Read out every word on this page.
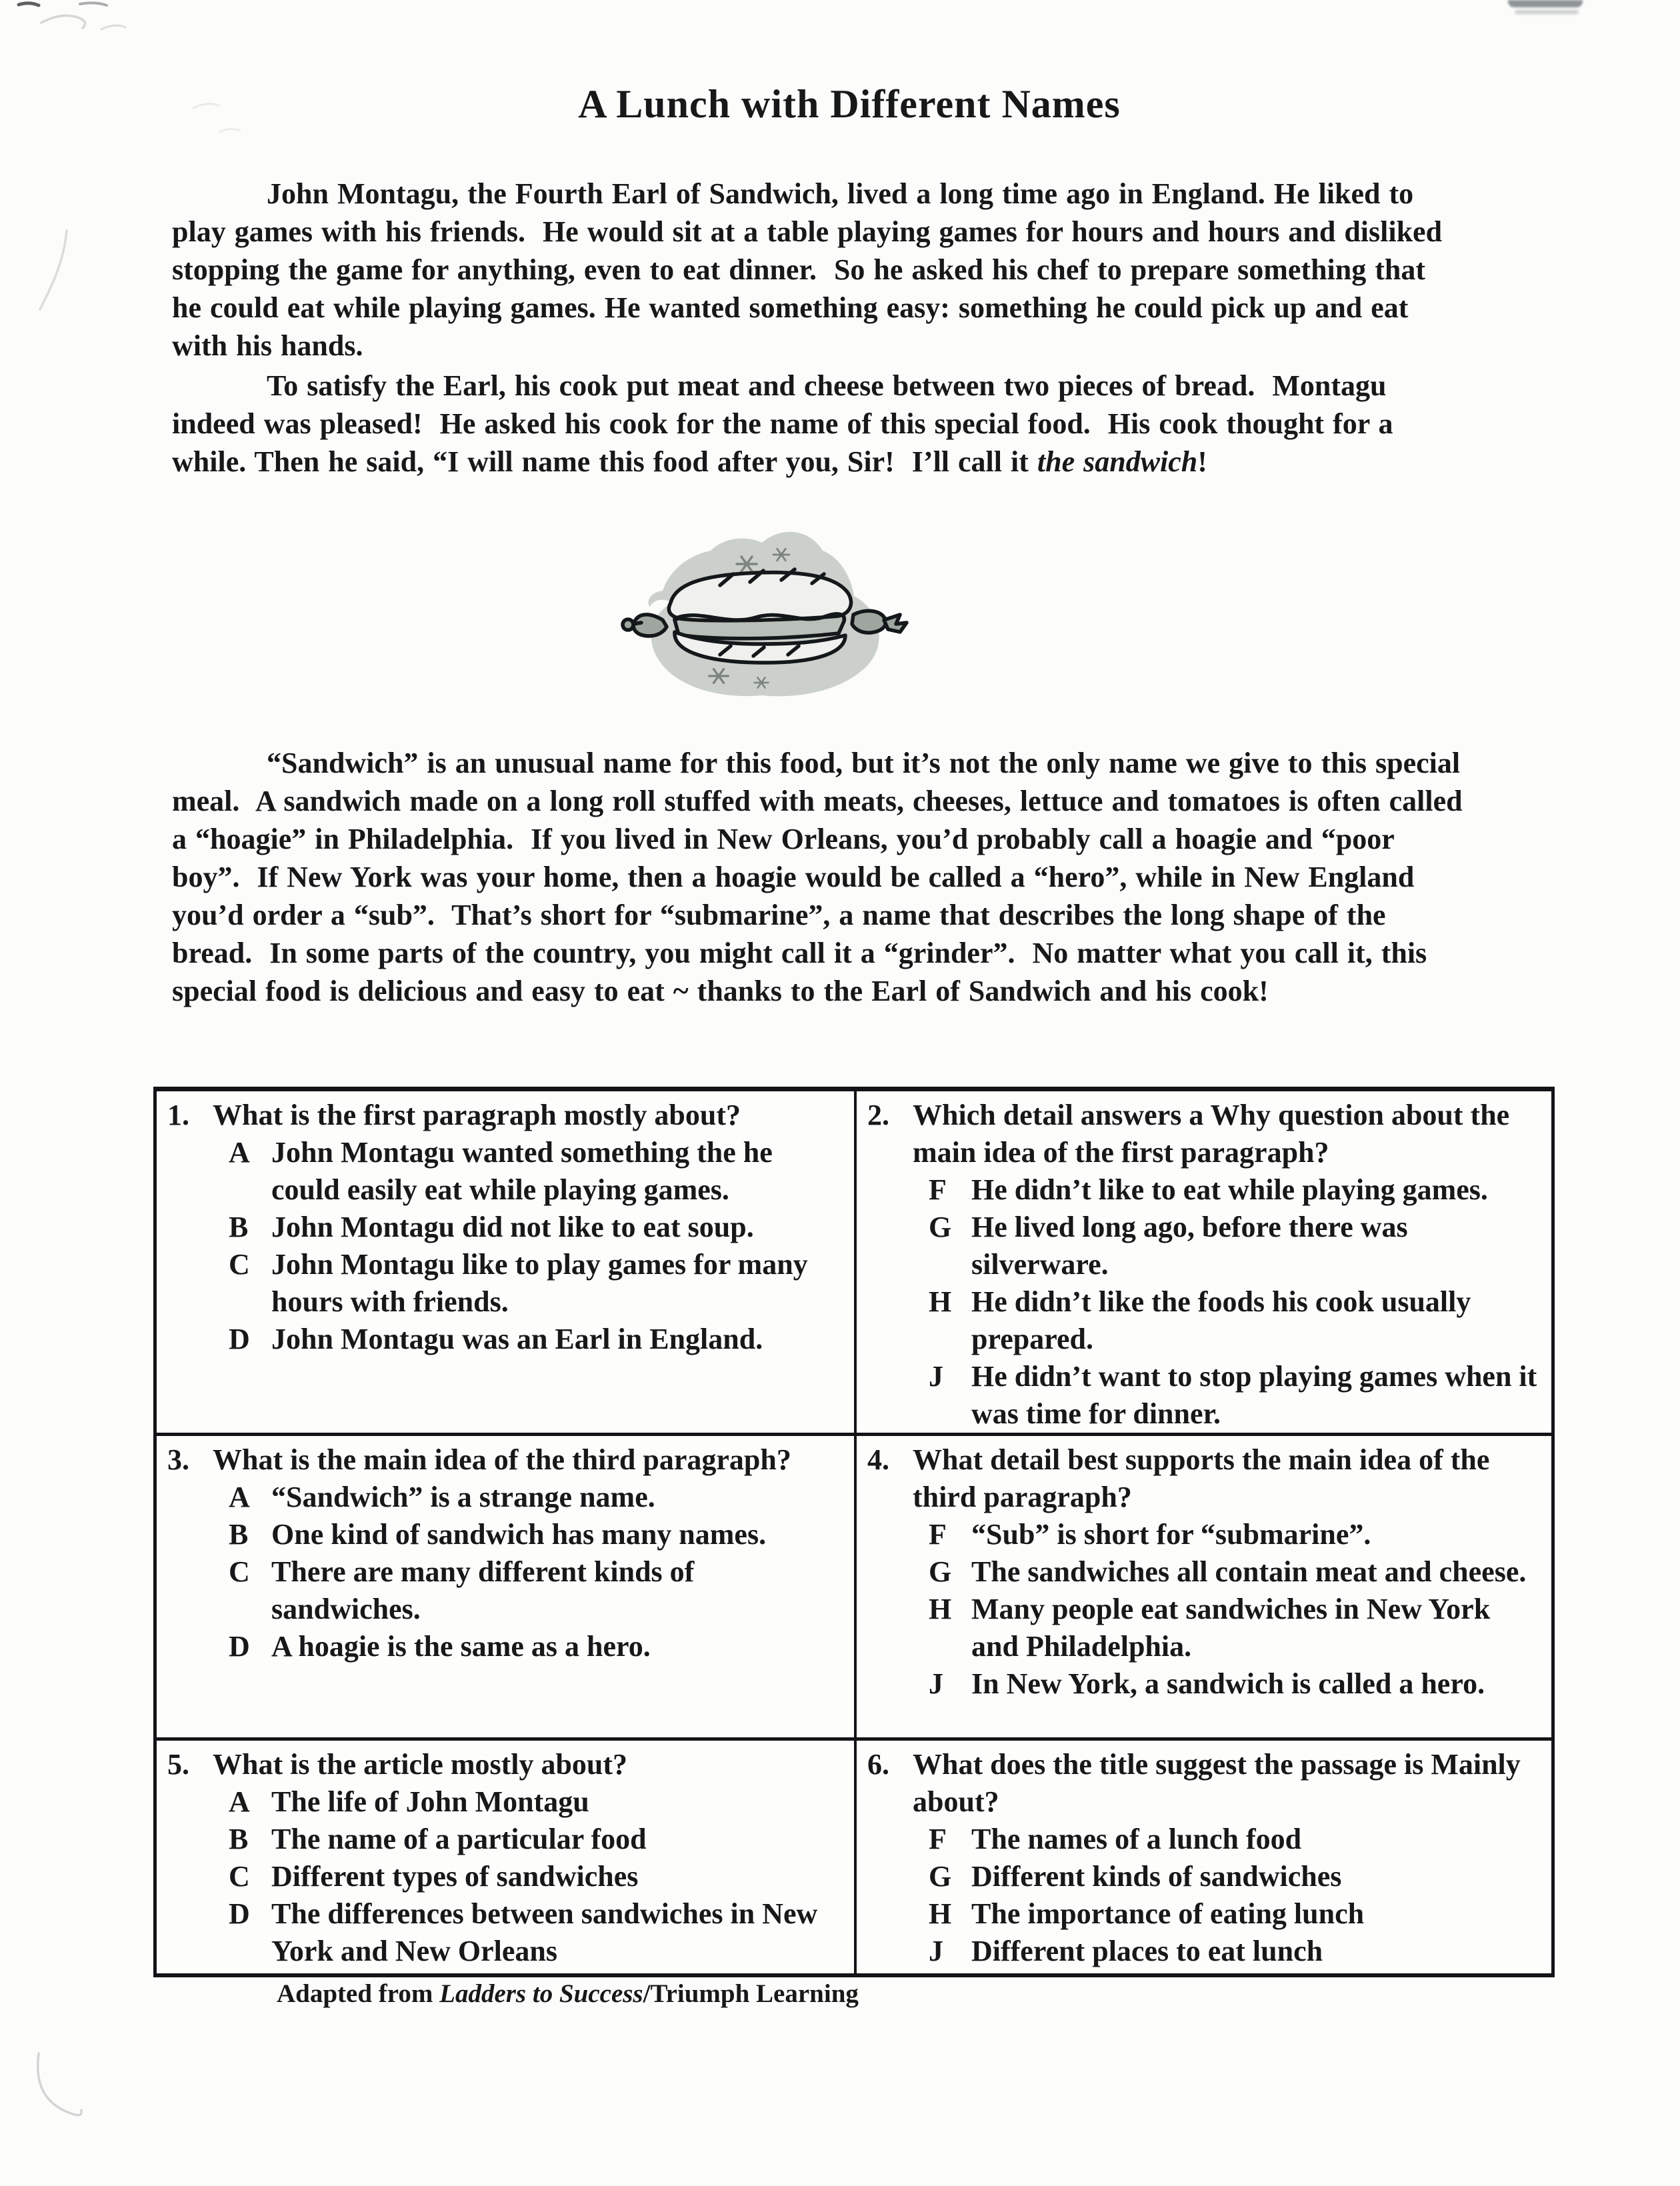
A Lunch with Different Names

John Montagu, the Fourth Earl of Sandwich, lived a long time ago in England. He liked to play games with his friends.  He would sit at a table playing games for hours and hours and disliked stopping the game for anything, even to eat dinner.  So he asked his chef to prepare something that he could eat while playing games. He wanted something easy: something he could pick up and eat with his hands.

To satisfy the Earl, his cook put meat and cheese between two pieces of bread.  Montagu indeed was pleased!  He asked his cook for the name of this special food.  His cook thought for a while. Then he said, “I will name this food after you, Sir!  I’ll call it the sandwich!

“Sandwich” is an unusual name for this food, but it’s not the only name we give to this special meal.  A sandwich made on a long roll stuffed with meats, cheeses, lettuce and tomatoes is often called a “hoagie” in Philadelphia.  If you lived in New Orleans, you’d probably call a hoagie and “poor boy”.  If New York was your home, then a hoagie would be called a “hero”, while in New England you’d order a “sub”.  That’s short for “submarine”, a name that describes the long shape of the bread.  In some parts of the country, you might call it a “grinder”.  No matter what you call it, this special food is delicious and easy to eat ~ thanks to the Earl of Sandwich and his cook!

1. What is the first paragraph mostly about?
A John Montagu wanted something the he could easily eat while playing games.
B John Montagu did not like to eat soup.
C John Montagu like to play games for many hours with friends.
D John Montagu was an Earl in England.
2. Which detail answers a Why question about the main idea of the first paragraph?
F He didn’t like to eat while playing games.
G He lived long ago, before there was silverware.
H He didn’t like the foods his cook usually prepared.
J He didn’t want to stop playing games when it was time for dinner.
3. What is the main idea of the third paragraph?
A “Sandwich” is a strange name.
B One kind of sandwich has many names.
C There are many different kinds of sandwiches.
D A hoagie is the same as a hero.
4. What detail best supports the main idea of the third paragraph?
F “Sub” is short for “submarine”.
G The sandwiches all contain meat and cheese.
H Many people eat sandwiches in New York and Philadelphia.
J In New York, a sandwich is called a hero.
5. What is the article mostly about?
A The life of John Montagu
B The name of a particular food
C Different types of sandwiches
D The differences between sandwiches in New York and New Orleans
6. What does the title suggest the passage is Mainly about?
F The names of a lunch food
G Different kinds of sandwiches
H The importance of eating lunch
J Different places to eat lunch

Adapted from Ladders to Success/Triumph Learning
